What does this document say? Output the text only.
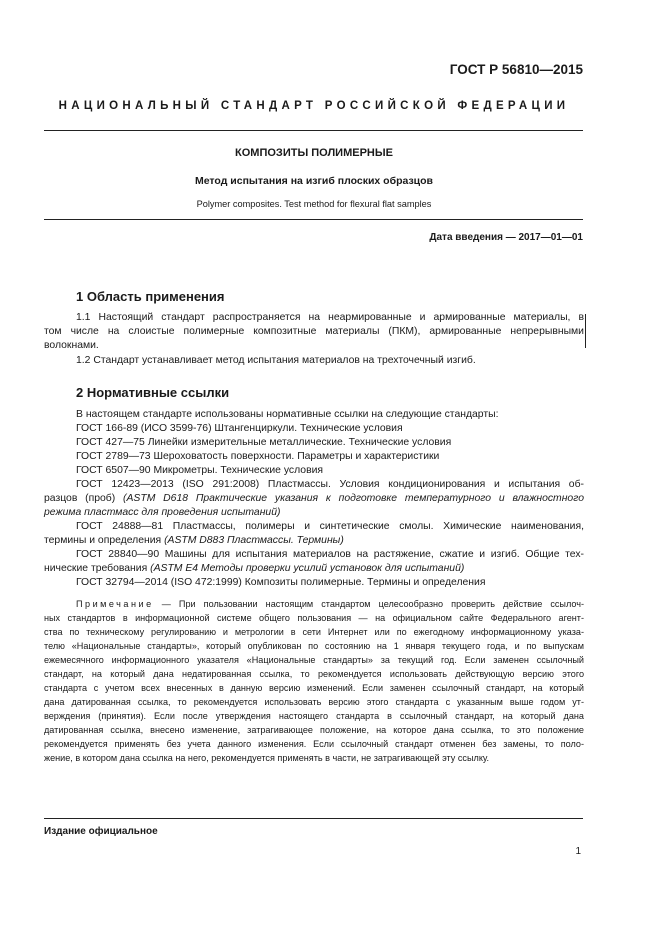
ГОСТ Р 56810—2015
НАЦИОНАЛЬНЫЙ СТАНДАРТ РОССИЙСКОЙ ФЕДЕРАЦИИ
КОМПОЗИТЫ ПОЛИМЕРНЫЕ
Метод испытания на изгиб плоских образцов
Polymer composites. Test method for flexural flat samples
Дата введения — 2017—01—01
1 Область применения
1.1 Настоящий стандарт распространяется на неармированные и армированные материалы, в
том числе на слоистые полимерные композитные материалы (ПКМ), армированные непрерывными
волокнами.
1.2 Стандарт устанавливает метод испытания материалов на трехточечный изгиб.
2 Нормативные ссылки
В настоящем стандарте использованы нормативные ссылки на следующие стандарты:
ГОСТ 166-89 (ИСО 3599-76) Штангенциркули. Технические условия
ГОСТ 427—75 Линейки измерительные металлические. Технические условия
ГОСТ 2789—73 Шероховатость поверхности. Параметры и характеристики
ГОСТ 6507—90 Микрометры. Технические условия
ГОСТ 12423—2013 (ISO 291:2008) Пластмассы. Условия кондиционирования и испытания об-
разцов (проб) (ASTM D618 Практические указания к подготовке температурного и влажностного
режима пластмасс для проведения испытаний)
ГОСТ 24888—81 Пластмассы, полимеры и синтетические смолы. Химические наименования,
термины и определения (ASTM D883 Пластмассы. Термины)
ГОСТ 28840—90 Машины для испытания материалов на растяжение, сжатие и изгиб. Общие тех-
нические требования (ASTM E4 Методы проверки усилий установок для испытаний)
ГОСТ 32794—2014 (ISO 472:1999) Композиты полимерные. Термины и определения
Примечание — При пользовании настоящим стандартом целесообразно проверить действие ссылоч-
ных стандартов в информационной системе общего пользования — на официальном сайте Федерального агент-
ства по техническому регулированию и метрологии в сети Интернет или по ежегодному информационному указа-
телю «Национальные стандарты», который опубликован по состоянию на 1 января текущего года, и по выпускам
ежемесячного информационного указателя «Национальные стандарты» за текущий год. Если заменен ссылочный
стандарт, на который дана недатированная ссылка, то рекомендуется использовать действующую версию этого
стандарта с учетом всех внесенных в данную версию изменений. Если заменен ссылочный стандарт, на который
дана датированная ссылка, то рекомендуется использовать версию этого стандарта с указанным выше годом ут-
верждения (принятия). Если после утверждения настоящего стандарта в ссылочный стандарт, на который дана
датированная ссылка, внесено изменение, затрагивающее положение, на которое дана ссылка, то это положение
рекомендуется применять без учета данного изменения. Если ссылочный стандарт отменен без замены, то поло-
жение, в котором дана ссылка на него, рекомендуется применять в части, не затрагивающей эту ссылку.
Издание официальное
1
